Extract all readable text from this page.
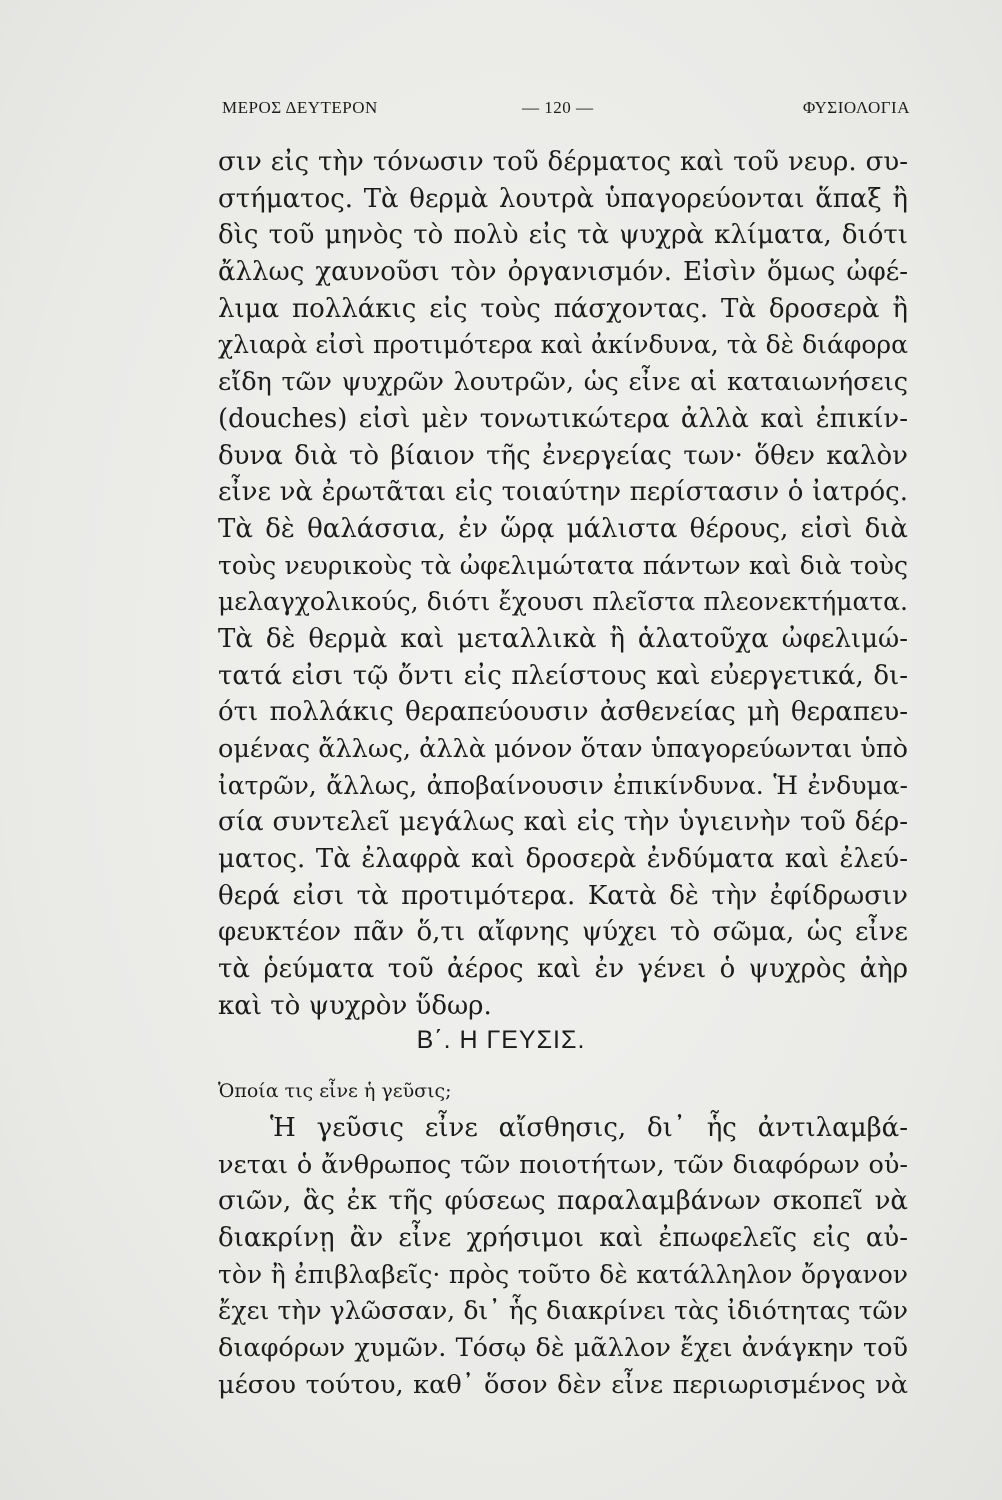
ΜΕΡΟΣ ΔΕΥΤΕΡΟΝ	— 120 —	ΦΥΣΙΟΛΟΓΙΑ
σιν εἰς τὴν τόνωσιν τοῦ δέρματος καὶ τοῦ νευρ. συ-
στήματος. Τὰ θερμὰ λουτρὰ ὑπαγορεύονται ἅπαξ ἢ
δὶς τοῦ μηνὸς τὸ πολὺ εἰς τὰ ψυχρὰ κλίματα, διότι
ἄλλως χαυνοῦσι τὸν ὀργανισμόν. Εἰσὶν ὅμως ὠφέ-
λιμα πολλάκις εἰς τοὺς πάσχοντας. Τὰ δροσερὰ ἢ
χλιαρὰ εἰσὶ προτιμότερα καὶ ἀκίνδυνα, τὰ δὲ διάφορα
εἴδη τῶν ψυχρῶν λουτρῶν, ὡς εἶνε αἱ καταιωνήσεις
(douches) εἰσὶ μὲν τονωτικώτερα ἀλλὰ καὶ ἐπικίν-
δυνα διὰ τὸ βίαιον τῆς ἐνεργείας των· ὅθεν καλὸν
εἶνε νὰ ἐρωτᾶται εἰς τοιαύτην περίστασιν ὁ ἰατρός.
Τὰ δὲ θαλάσσια, ἐν ὥρᾳ μάλιστα θέρους, εἰσὶ διὰ
τοὺς νευρικοὺς τὰ ὠφελιμώτατα πάντων καὶ διὰ τοὺς
μελαγχολικούς, διότι ἔχουσι πλεῖστα πλεονεκτήματα.
Τὰ δὲ θερμὰ καὶ μεταλλικὰ ἢ ἁλατοῦχα ὠφελιμώ-
τατά εἰσι τῷ ὄντι εἰς πλείστους καὶ εὐεργετικά, δι-
ότι πολλάκις θεραπεύουσιν ἀσθενείας μὴ θεραπευ-
ομένας ἄλλως, ἀλλὰ μόνον ὅταν ὑπαγορεύωνται ὑπὸ
ἰατρῶν, ἄλλως, ἀποβαίνουσιν ἐπικίνδυνα. Ἡ ἐνδυμα-
σία συντελεῖ μεγάλως καὶ εἰς τὴν ὑγιεινὴν τοῦ δέρ-
ματος. Τὰ ἐλαφρὰ καὶ δροσερὰ ἐνδύματα καὶ ἐλεύ-
θερά εἰσι τὰ προτιμότερα. Κατὰ δὲ τὴν ἐφίδρωσιν
φευκτέον πᾶν ὅ,τι αἴφνης ψύχει τὸ σῶμα, ὡς εἶνε
τὰ ῥεύματα τοῦ ἀέρος καὶ ἐν γένει ὁ ψυχρὸς ἀὴρ
καὶ τὸ ψυχρὸν ὕδωρ.
Β΄. Η ΓΕΥΣΙΣ.
Ὁποία τις εἶνε ἡ γεῦσις;
Ἡ γεῦσις εἶνε αἴσθησις, δι᾽ ἧς ἀντιλαμβά-
νεται ὁ ἄνθρωπος τῶν ποιοτήτων, τῶν διαφόρων οὐ-
σιῶν, ἃς ἐκ τῆς φύσεως παραλαμβάνων σκοπεῖ νὰ
διακρίνῃ ἂν εἶνε χρήσιμοι καὶ ἐπωφελεῖς εἰς αὐ-
τὸν ἢ ἐπιβλαβεῖς· πρὸς τοῦτο δὲ κατάλληλον ὄργανον
ἔχει τὴν γλῶσσαν, δι᾽ ἧς διακρίνει τὰς ἰδιότητας τῶν
διαφόρων χυμῶν. Τόσῳ δὲ μᾶλλον ἔχει ἀνάγκην τοῦ
μέσου τούτου, καθ᾽ ὅσον δὲν εἶνε περιωρισμένος νὰ
